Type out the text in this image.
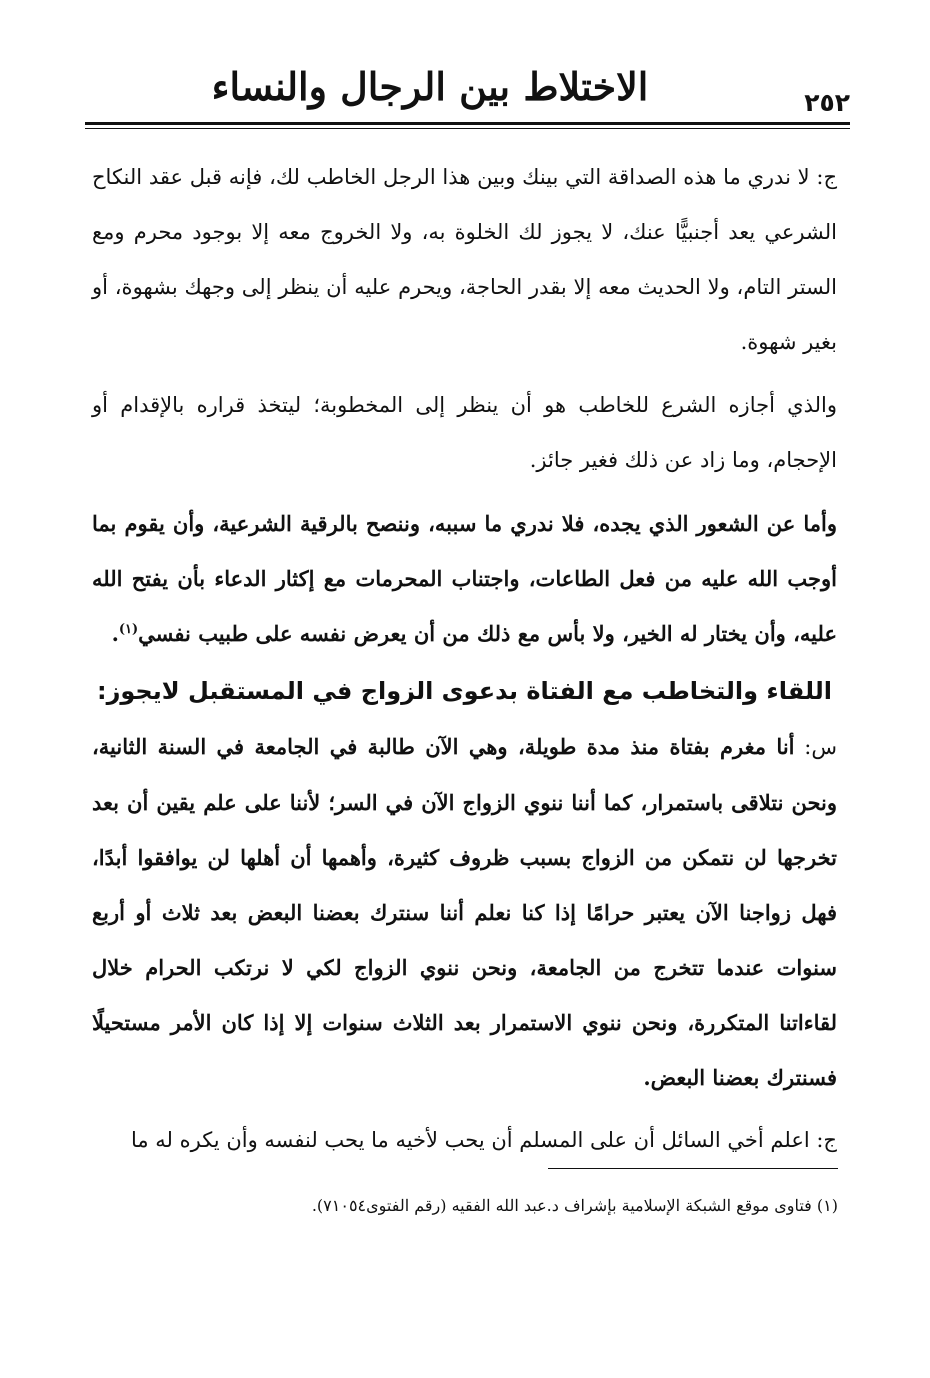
٢٥٢
الاختلاط بين الرجال والنساء

ج: لا ندري ما هذه الصداقة التي بينك وبين هذا الرجل الخاطب لك، فإنه قبل عقد النكاح الشرعي يعد أجنبيًّا عنك، لا يجوز لك الخلوة به، ولا الخروج معه إلا بوجود محرم ومع الستر التام، ولا الحديث معه إلا بقدر الحاجة، ويحرم عليه أن ينظر إلى وجهك بشهوة، أو بغير شهوة.

والذي أجازه الشرع للخاطب هو أن ينظر إلى المخطوبة؛ ليتخذ قراره بالإقدام أو الإحجام، وما زاد عن ذلك فغير جائز.

وأما عن الشعور الذي يجده، فلا ندري ما سببه، وننصح بالرقية الشرعية، وأن يقوم بما أوجب الله عليه من فعل الطاعات، واجتناب المحرمات مع إكثار الدعاء بأن يفتح الله عليه، وأن يختار له الخير، ولا بأس مع ذلك من أن يعرض نفسه على طبيب نفسي$^{(١)}$.

اللقاء والتخاطب مع الفتاة بدعوى الزواج في المستقبل لايجوز:

س: أنا مغرم بفتاة منذ مدة طويلة، وهي الآن طالبة في الجامعة في السنة الثانية، ونحن نتلاقى باستمرار، كما أننا ننوي الزواج الآن في السر؛ لأننا على علم يقين أن بعد تخرجها لن نتمكن من الزواج بسبب ظروف كثيرة، وأهمها أن أهلها لن يوافقوا أبدًا، فهل زواجنا الآن يعتبر حرامًا إذا كنا نعلم أننا سنترك بعضنا البعض بعد ثلاث أو أربع سنوات عندما تتخرج من الجامعة، ونحن ننوي الزواج لكي لا نرتكب الحرام خلال لقاءاتنا المتكررة، ونحن ننوي الاستمرار بعد الثلاث سنوات إلا إذا كان الأمر مستحيلًا فسنترك بعضنا البعض.

ج: اعلم أخي السائل أن على المسلم أن يحب لأخيه ما يحب لنفسه وأن يكره له ما

(١) فتاوى موقع الشبكة الإسلامية بإشراف د.عبد الله الفقيه (رقم الفتوى٧١٠٥٤).
